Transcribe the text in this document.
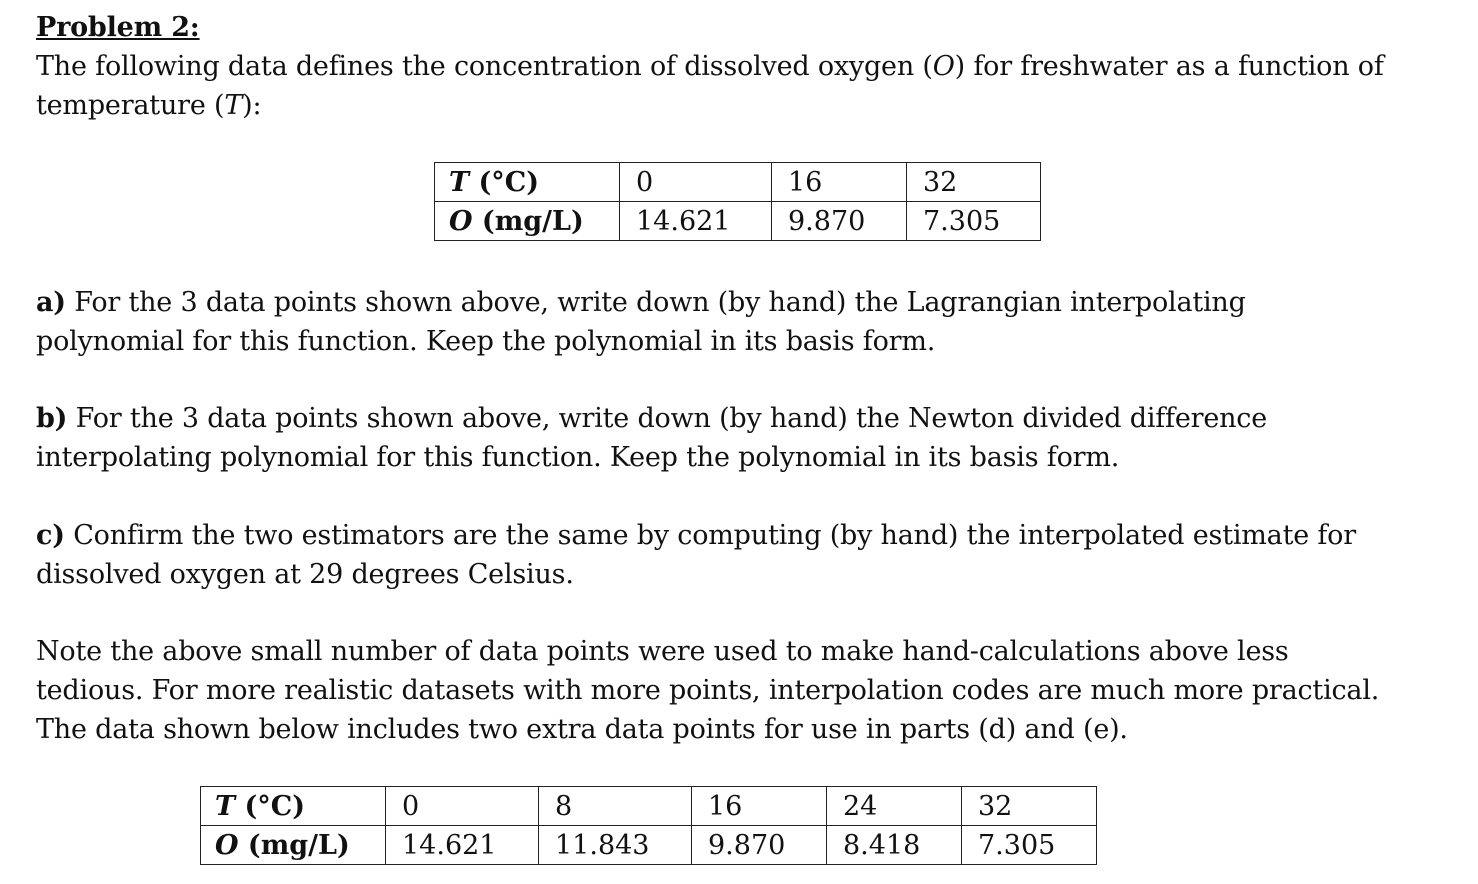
Problem 2:
The following data defines the concentration of dissolved oxygen (O) for freshwater as a function of
temperature (T):
a) For the 3 data points shown above, write down (by hand) the Lagrangian interpolating
polynomial for this function. Keep the polynomial in its basis form.
b) For the 3 data points shown above, write down (by hand) the Newton divided difference
interpolating polynomial for this function. Keep the polynomial in its basis form.
c) Confirm the two estimators are the same by computing (by hand) the interpolated estimate for
dissolved oxygen at 29 degrees Celsius.
Note the above small number of data points were used to make hand-calculations above less
tedious. For more realistic datasets with more points, interpolation codes are much more practical.
The data shown below includes two extra data points for use in parts (d) and (e).
T (°C)	0	16	32
O (mg/L)	14.621	9.870	7.305
T (°C)	0	8	16	24	32
O (mg/L)	14.621	11.843	9.870	8.418	7.305
